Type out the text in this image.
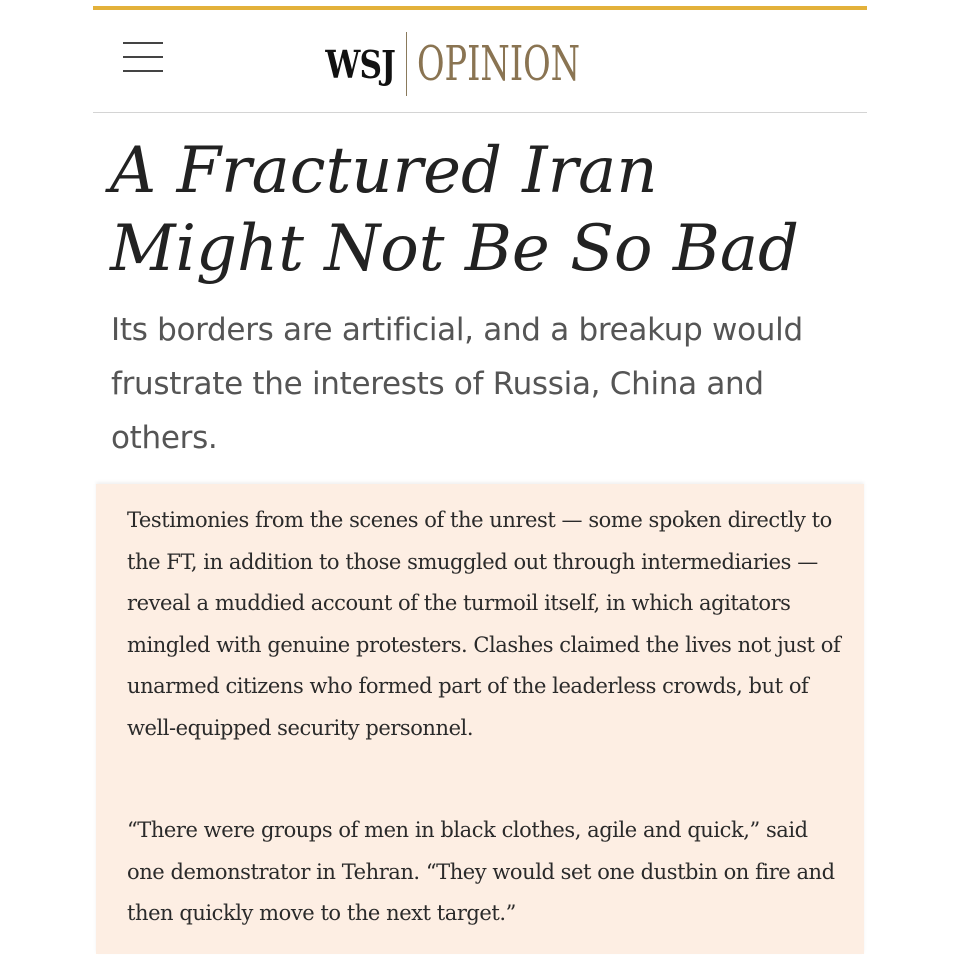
WSJ OPINION
A Fractured Iran
Might Not Be So Bad

Its borders are artificial, and a breakup would frustrate the interests of Russia, China and others.

Testimonies from the scenes of the unrest — some spoken directly to the FT, in addition to those smuggled out through intermediaries — reveal a muddied account of the turmoil itself, in which agitators mingled with genuine protesters. Clashes claimed the lives not just of unarmed citizens who formed part of the leaderless crowds, but of well-equipped security personnel.

“There were groups of men in black clothes, agile and quick,” said one demonstrator in Tehran. “They would set one dustbin on fire and then quickly move to the next target.”
